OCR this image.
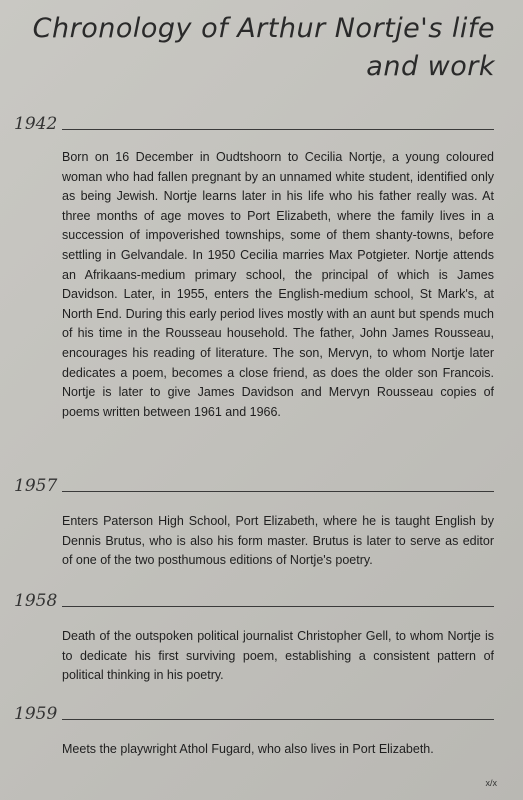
Chronology of Arthur Nortje's life and work
1942
Born on 16 December in Oudtshoorn to Cecilia Nortje, a young coloured woman who had fallen pregnant by an unnamed white student, identified only as being Jewish. Nortje learns later in his life who his father really was. At three months of age moves to Port Elizabeth, where the family lives in a succession of impoverished townships, some of them shanty-towns, before settling in Gelvandale. In 1950 Cecilia marries Max Potgieter. Nortje attends an Afrikaans-medium primary school, the principal of which is James Davidson. Later, in 1955, enters the English-medium school, St Mark's, at North End. During this early period lives mostly with an aunt but spends much of his time in the Rousseau household. The father, John James Rousseau, encourages his reading of literature. The son, Mervyn, to whom Nortje later dedicates a poem, becomes a close friend, as does the older son Francois. Nortje is later to give James Davidson and Mervyn Rousseau copies of poems written between 1961 and 1966.
1957
Enters Paterson High School, Port Elizabeth, where he is taught English by Dennis Brutus, who is also his form master. Brutus is later to serve as editor of one of the two posthumous editions of Nortje's poetry.
1958
Death of the outspoken political journalist Christopher Gell, to whom Nortje is to dedicate his first surviving poem, establishing a consistent pattern of political thinking in his poetry.
1959
Meets the playwright Athol Fugard, who also lives in Port Elizabeth.
x/x
